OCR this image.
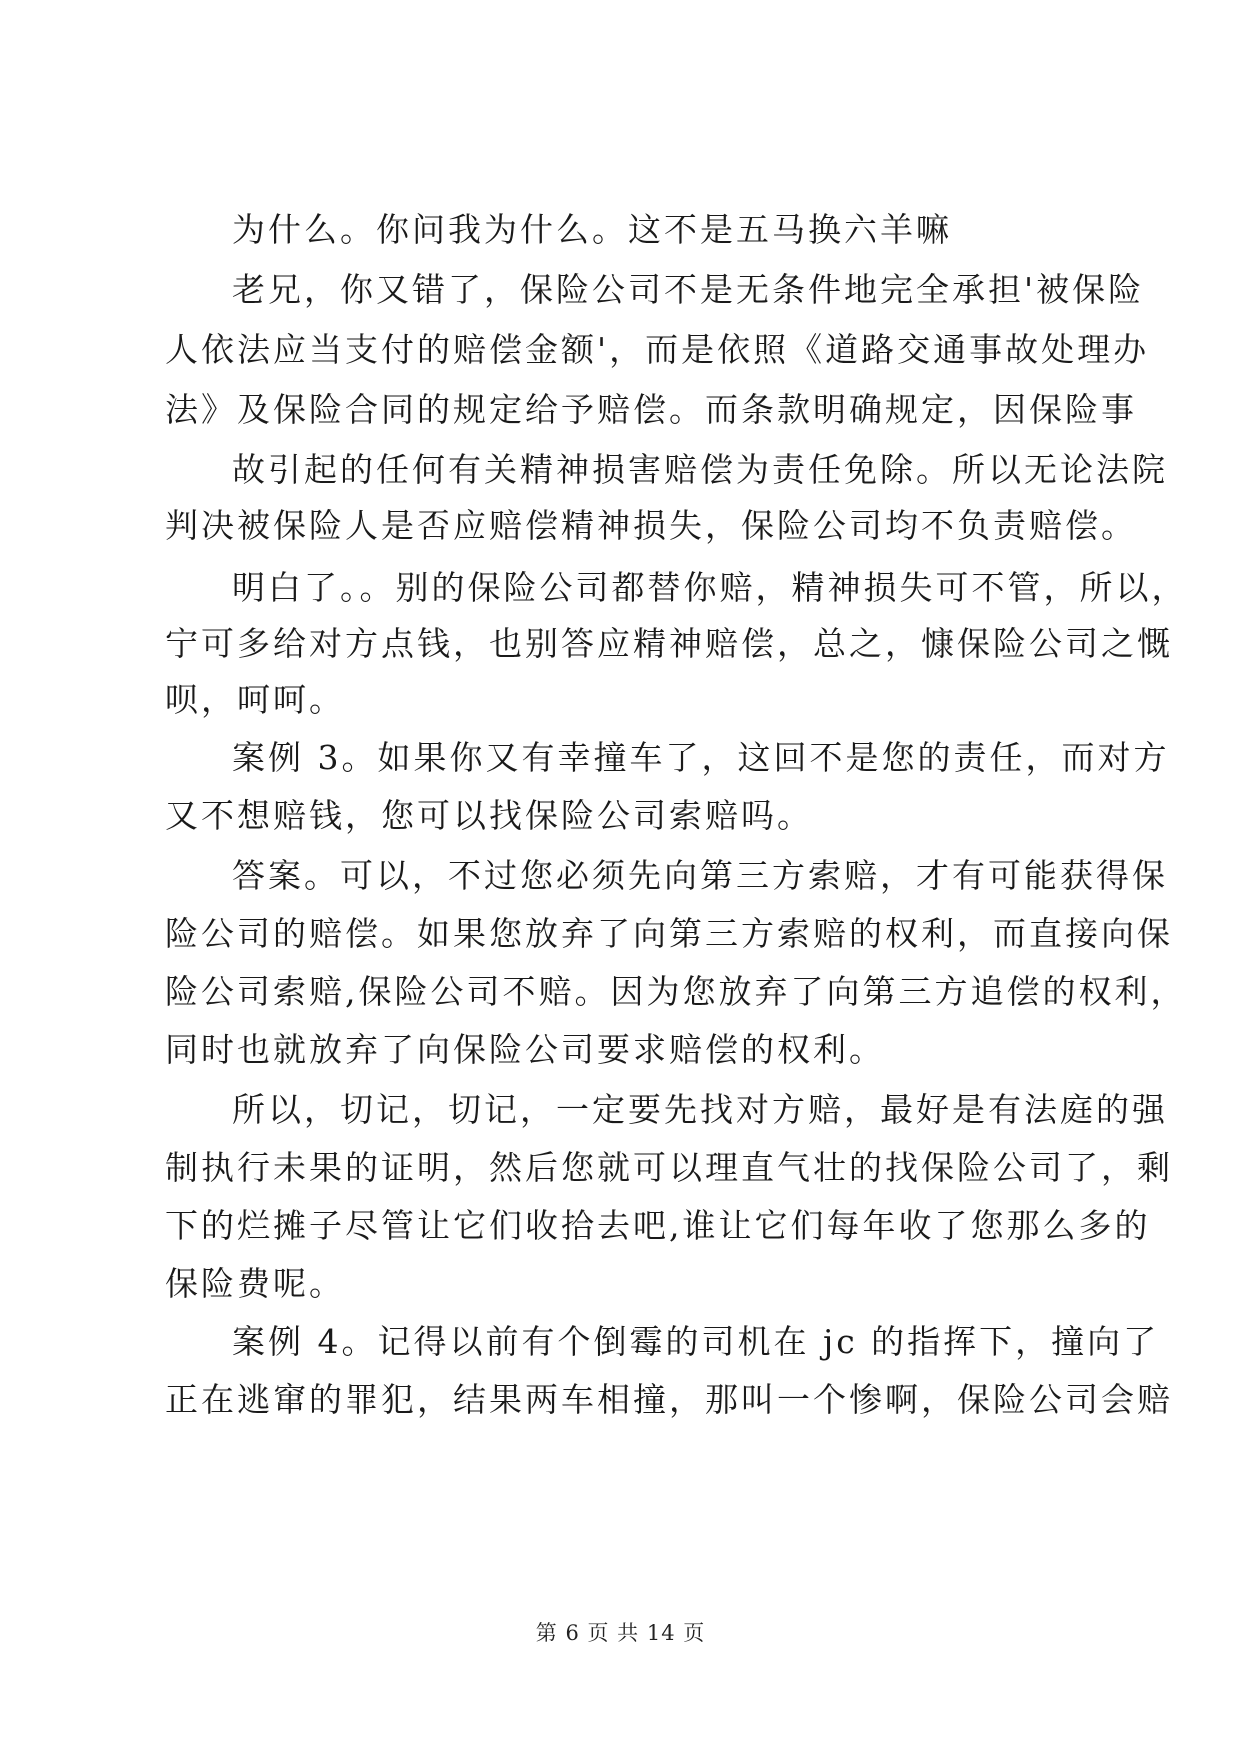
为什么。你问我为什么。这不是五马换六羊嘛
老兄，你又错了，保险公司不是无条件地完全承担'被保险
人依法应当支付的赔偿金额'，而是依照《道路交通事故处理办
法》及保险合同的规定给予赔偿。而条款明确规定，因保险事
故引起的任何有关精神损害赔偿为责任免除。所以无论法院
判决被保险人是否应赔偿精神损失，保险公司均不负责赔偿。
明白了。。别的保险公司都替你赔，精神损失可不管，所以，
宁可多给对方点钱，也别答应精神赔偿，总之，慷保险公司之慨
呗，呵呵。
案例 3。如果你又有幸撞车了，这回不是您的责任，而对方
又不想赔钱，您可以找保险公司索赔吗。
答案。可以，不过您必须先向第三方索赔，才有可能获得保
险公司的赔偿。如果您放弃了向第三方索赔的权利，而直接向保
险公司索赔,保险公司不赔。因为您放弃了向第三方追偿的权利，
同时也就放弃了向保险公司要求赔偿的权利。
所以，切记，切记，一定要先找对方赔，最好是有法庭的强
制执行未果的证明，然后您就可以理直气壮的找保险公司了，剩
下的烂摊子尽管让它们收拾去吧,谁让它们每年收了您那么多的
保险费呢。
案例 4。记得以前有个倒霉的司机在 jc 的指挥下，撞向了
正在逃窜的罪犯，结果两车相撞，那叫一个惨啊，保险公司会赔
第 6 页 共 14 页
